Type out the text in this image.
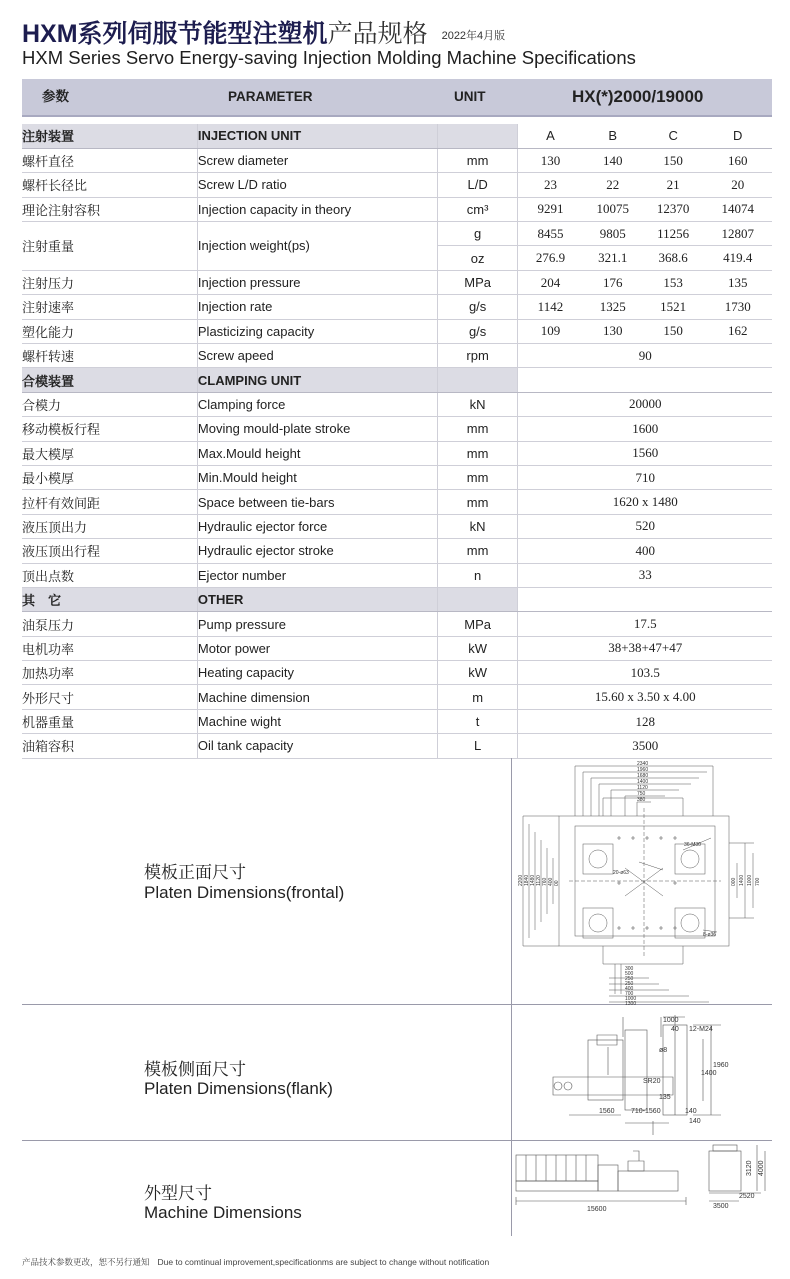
HXM系列伺服节能型注塑机产品规格 2022年4月版
HXM Series Servo Energy-saving Injection Molding Machine Specifications
参数	PARAMETER	UNIT	HX(*)2000/19000
注射装置	INJECTION UNIT		A	B	C	D
螺杆直径	Screw diameter	mm	130	140	150	160
螺杆长径比	Screw L/D ratio	L/D	23	22	21	20
理论注射容积	Injection capacity in theory	cm³	9291	10075	12370	14074
注射重量	Injection weight(ps)	g	8455	9805	11256	12807
		oz	276.9	321.1	368.6	419.4
注射压力	Injection pressure	MPa	204	176	153	135
注射速率	Injection rate	g/s	1142	1325	1521	1730
塑化能力	Plasticizing capacity	g/s	109	130	150	162
螺杆转速	Screw apeed	rpm	90			
合模装置	CLAMPING UNIT					
合模力	Clamping force	kN	20000			
移动模板行程	Moving mould-plate stroke	mm	1600			
最大模厚	Max.Mould height	mm	1560			
最小模厚	Min.Mould height	mm	710			
拉杆有效间距	Space between tie-bars	mm	1620 x 1480			
液压顶出力	Hydraulic ejector force	kN	520			
液压顶出行程	Hydraulic ejector stroke	mm	400			
顶出点数	Ejector number	n	33			
其　它	OTHER					
油泵压力	Pump pressure	MPa	17.5			
电机功率	Motor power	kW	38+38+47+47			
加热功率	Heating capacity	kW	103.5			
外形尺寸	Machine dimension	m	15.60 x 3.50 x 4.00			
机器重量	Machine wight	t	128			
油箱容积	Oil tank capacity	L	3500			
模板正面尺寸
Platen Dimensions(frontal)
2340
1960
1680
1400
1120
750
380
2200 1840 1480 1120 760 400 00	000 1400 1000 700
300
500
250
250
400
700
1000
1300
36-M30
20-ø63
8-ø36
模板侧面尺寸
Platen Dimensions(flank)
1000
40 12-M24
ø8
SR20
1400
1960
135
1560 710-1560	140
140
外型尺寸
Machine Dimensions	15600
3120 4000
2520
3500
产品技术参数更改，恕不另行通知 Due to comtinual improvement,specificationms are subject to change without notification
